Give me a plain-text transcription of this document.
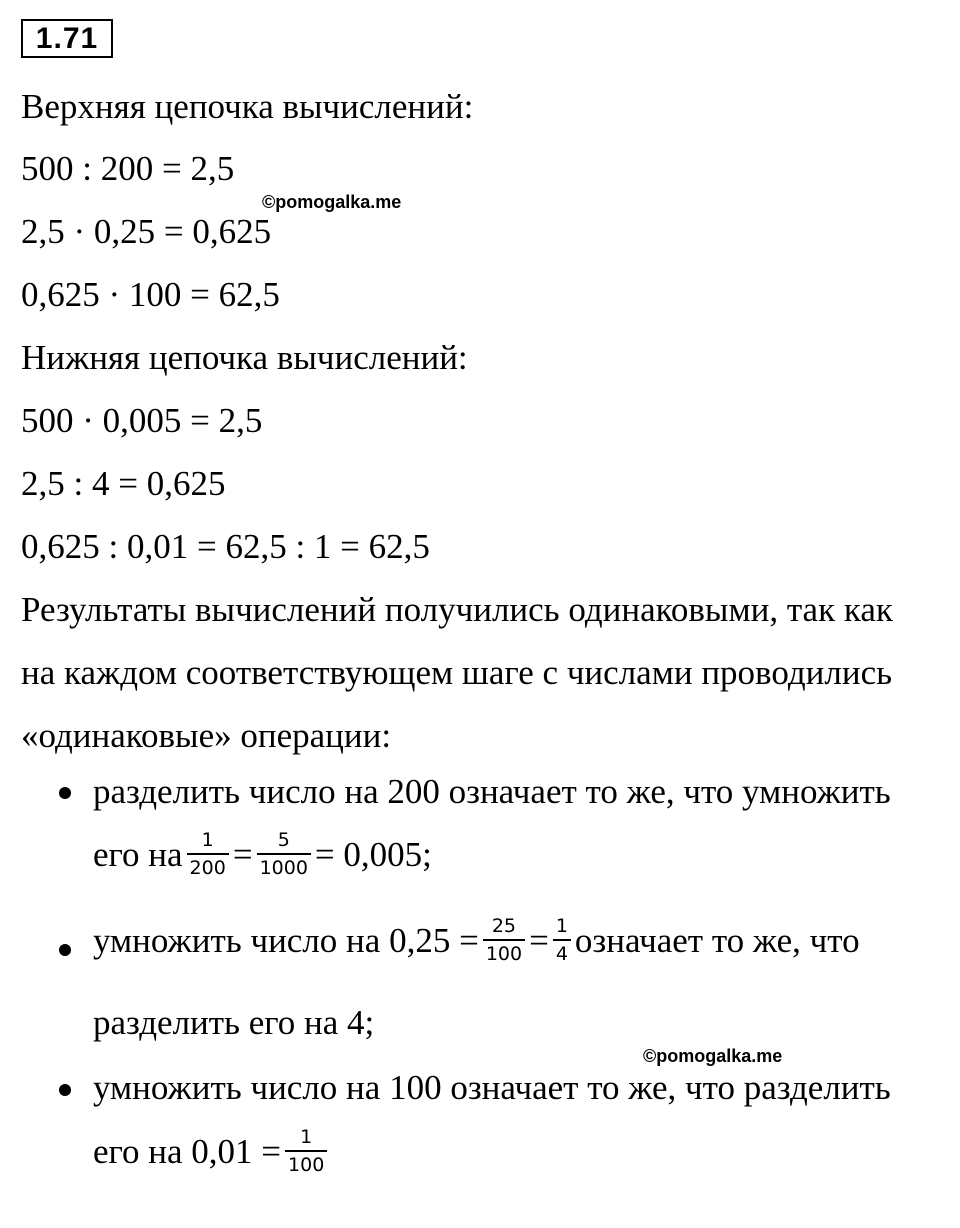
1.71
Верхняя цепочка вычислений:
500 : 200 = 2,5
©pomogalka.me
2,5 · 0,25 = 0,625
0,625 · 100 = 62,5
Нижняя цепочка вычислений:
500 · 0,005 = 2,5
2,5 : 4 = 0,625
0,625 : 0,01 = 62,5 : 1 = 62,5
Результаты вычислений получились одинаковыми, так как
на каждом соответствующем шаге с числами проводились
«одинаковые» операции:
разделить число на 200 означает то же, что умножить
его на $\frac{1}{200} = \frac{5}{1000} = 0,005$;
умножить число на $0,25 = \frac{25}{100} = \frac{1}{4}$ означает то же, что
разделить его на 4;
©pomogalka.me
умножить число на 100 означает то же, что разделить
его на $0,01 = \frac{1}{100}$
